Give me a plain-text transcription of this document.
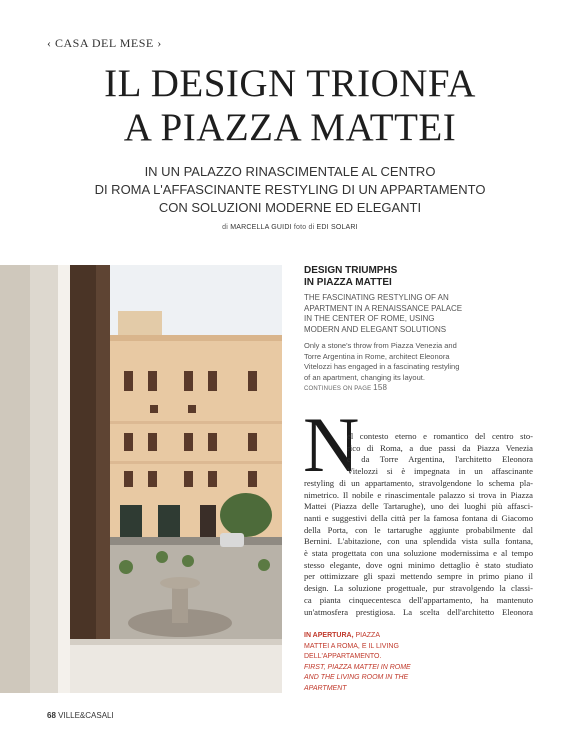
‹ CASA DEL MESE ›
IL DESIGN TRIONFA
A PIAZZA MATTEI
IN UN PALAZZO RINASCIMENTALE AL CENTRO
DI ROMA L'AFFASCINANTE RESTYLING DI UN APPARTAMENTO
CON SOLUZIONI MODERNE ED ELEGANTI
di MARCELLA GUIDI foto di EDI SOLARI
DESIGN TRIUMPHS
IN PIAZZA MATTEI
THE FASCINATING RESTYLING OF AN
APARTMENT IN A RENAISSANCE PALACE
IN THE CENTER OF ROME, USING
MODERN AND ELEGANT SOLUTIONS
Only a stone's throw from Piazza Venezia and
Torre Argentina in Rome, architect Eleonora
Vitelozzi has engaged in a fascinating restyling
of an apartment, changing its layout.
CONTINUES ON PAGE 158
N
el contesto eterno e romantico del centro sto-
rico di Roma, a due passi da Piazza Venezia
e da Torre Argentina, l'architetto Eleonora
Vitelozzi si è impegnata in un affascinante
restyling di un appartamento, stravolgendone lo schema pla-
nimetrico. Il nobile e rinascimentale palazzo si trova in Piazza
Mattei (Piazza delle Tartarughe), uno dei luoghi più affasci-
nanti e suggestivi della città per la famosa fontana di Giacomo
della Porta, con le tartarughe aggiunte probabilmente dal
Bernini. L'abitazione, con una splendida vista sulla fontana,
è stata progettata con una soluzione modernissima e al tempo
stesso elegante, dove ogni minimo dettaglio è stato studiato
per ottimizzare gli spazi mettendo sempre in primo piano il
design. La soluzione progettuale, pur stravolgendo la classi-
ca pianta cinquecentesca dell'appartamento, ha mantenuto
un'atmosfera prestigiosa. La scelta dell'architetto Eleonora
IN APERTURA, PIAZZA
MATTEI A ROMA, E IL LIVING
DELL'APPARTAMENTO.
FIRST, PIAZZA MATTEI IN ROME
AND THE LIVING ROOM IN THE
APARTMENT
68 VILLE&CASALI
